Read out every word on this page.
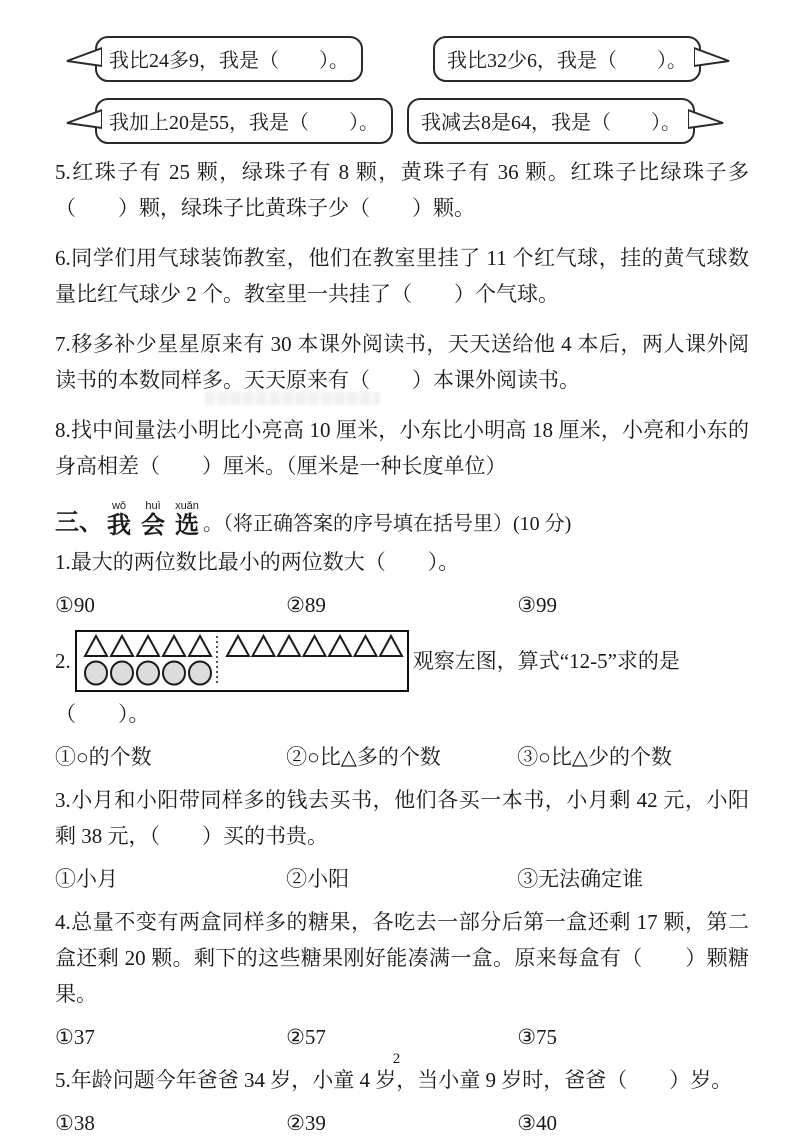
我比24多9，我是（　　）。	我比32少6，我是（　　）。
我加上20是55，我是（　　）。	我减去8是64，我是（　　）。
5.红珠子有 25 颗，绿珠子有 8 颗，黄珠子有 36 颗。红珠子比绿珠子多（　　）颗，绿珠子比黄珠子少（　　）颗。
6.同学们用气球装饰教室，他们在教室里挂了 11 个红气球，挂的黄气球数量比红气球少 2 个。教室里一共挂了（　　）个气球。
7.移多补少星星原来有 30 本课外阅读书，天天送给他 4 本后，两人课外阅读书的本数同样多。天天原来有（　　）本课外阅读书。
8.找中间量法小明比小亮高 10 厘米，小东比小明高 18 厘米，小亮和小东的身高相差（　　）厘米。（厘米是一种长度单位）
三、 我wǒ
会huì
选xuǎn
。（将正确答案的序号填在括号里）(10 分)
1.最大的两位数比最小的两位数大（　　）。
①90	②89	③99
2.	观察左图，算式“12-5”求的是
（　　）。
①○的个数	②○比△多的个数	③○比△少的个数
3.小月和小阳带同样多的钱去买书，他们各买一本书，小月剩 42 元，小阳剩 38 元，（　　）买的书贵。
①小月	②小阳	③无法确定谁
4.总量不变有两盒同样多的糖果，各吃去一部分后第一盒还剩 17 颗，第二盒还剩 20 颗。剩下的这些糖果刚好能凑满一盒。原来每盒有（　　）颗糖果。
①37	②57	③75
5.年龄问题今年爸爸 34 岁，小童 4 岁，当小童 9 岁时，爸爸（　　）岁。
①38	②39	③40
2
